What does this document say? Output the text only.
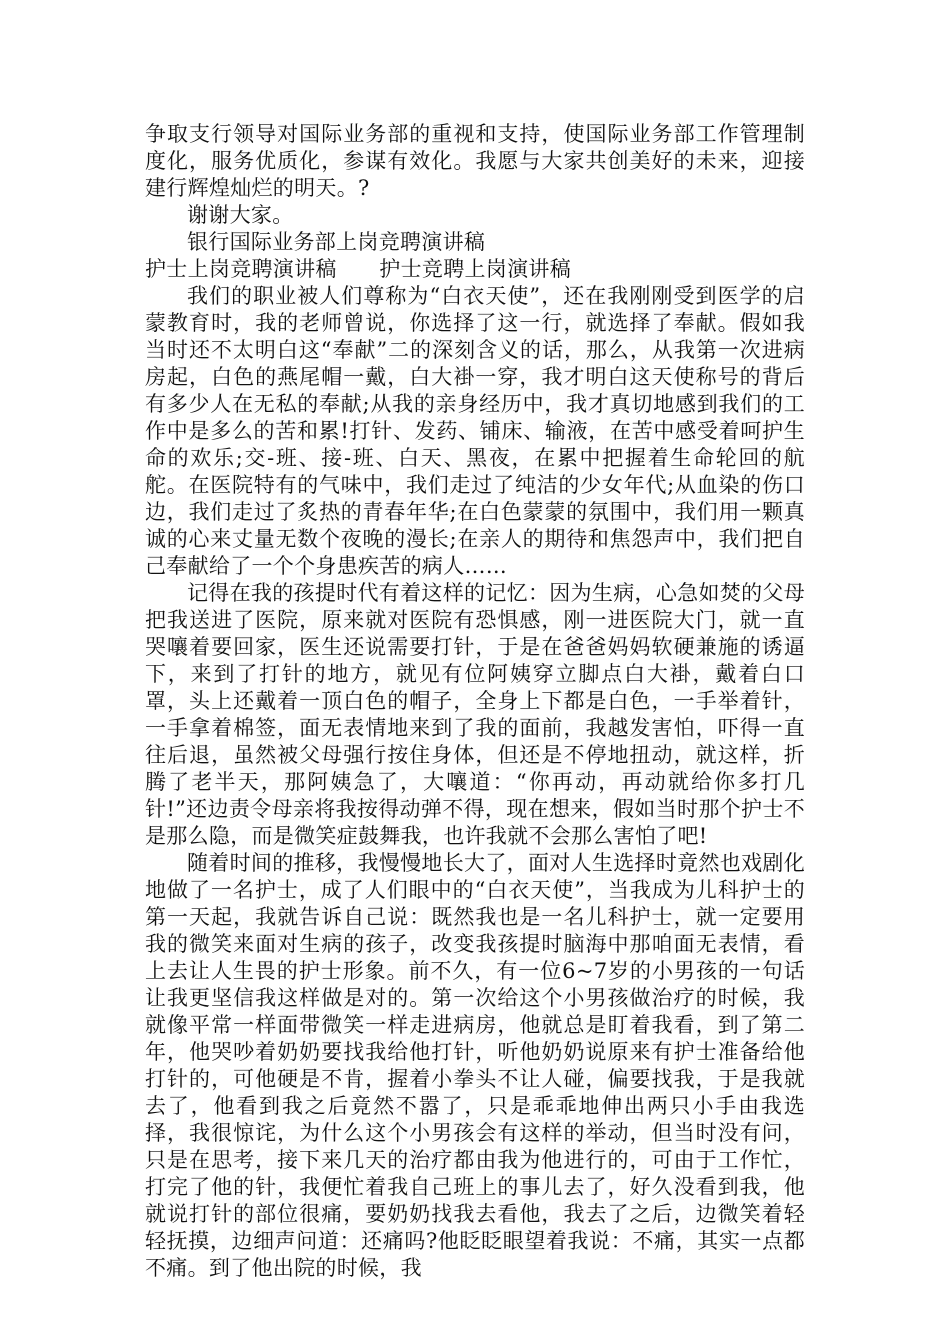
争取支行领导对国际业务部的重视和支持，使国际业务部工作管理制度化，服务优质化，参谋有效化。我愿与大家共创美好的未来，迎接建行辉煌灿烂的明天。?

谢谢大家。

银行国际业务部上岗竞聘演讲稿

护士上岗竞聘演讲稿　　护士竞聘上岗演讲稿

我们的职业被人们尊称为“白衣天使”，还在我刚刚受到医学的启蒙教育时，我的老师曾说，你选择了这一行，就选择了奉献。假如我当时还不太明白这“奉献”二的深刻含义的话，那么，从我第一次进病房起，白色的燕尾帽一戴，白大褂一穿，我才明白这天使称号的背后有多少人在无私的奉献;从我的亲身经历中，我才真切地感到我们的工作中是多么的苦和累!打针、发药、铺床、输液，在苦中感受着呵护生命的欢乐;交-班、接-班、白天、黑夜，在累中把握着生命轮回的航舵。在医院特有的气味中，我们走过了纯洁的少女年代;从血染的伤口边，我们走过了炙热的青春年华;在白色蒙蒙的氛围中，我们用一颗真诚的心来丈量无数个夜晚的漫长;在亲人的期待和焦怨声中，我们把自己奉献给了一个个身患疾苦的病人……

记得在我的孩提时代有着这样的记忆：因为生病，心急如焚的父母把我送进了医院，原来就对医院有恐惧感，刚一进医院大门，就一直哭嚷着要回家，医生还说需要打针，于是在爸爸妈妈软硬兼施的诱逼下，来到了打针的地方，就见有位阿姨穿立脚点白大褂，戴着白口罩，头上还戴着一顶白色的帽子，全身上下都是白色，一手举着针，一手拿着棉签，面无表情地来到了我的面前，我越发害怕，吓得一直往后退，虽然被父母强行按住身体，但还是不停地扭动，就这样，折腾了老半天，那阿姨急了，大嚷道：“你再动，再动就给你多打几针!”还边责令母亲将我按得动弹不得，现在想来，假如当时那个护士不是那么隐，而是微笑症鼓舞我，也许我就不会那么害怕了吧!

随着时间的推移，我慢慢地长大了，面对人生选择时竟然也戏剧化地做了一名护士，成了人们眼中的“白衣天使”，当我成为儿科护士的第一天起，我就告诉自己说：既然我也是一名儿科护士，就一定要用我的微笑来面对生病的孩子，改变我孩提时脑海中那咱面无表情，看上去让人生畏的护士形象。前不久，有一位6~7岁的小男孩的一句话让我更坚信我这样做是对的。第一次给这个小男孩做治疗的时候，我就像平常一样面带微笑一样走进病房，他就总是盯着我看，到了第二年，他哭吵着奶奶要找我给他打针，听他奶奶说原来有护士准备给他打针的，可他硬是不肯，握着小拳头不让人碰，偏要找我，于是我就去了，他看到我之后竟然不嚣了，只是乖乖地伸出两只小手由我选择，我很惊诧，为什么这个小男孩会有这样的举动，但当时没有问，只是在思考，接下来几天的治疗都由我为他进行的，可由于工作忙，打完了他的针，我便忙着我自己班上的事儿去了，好久没看到我，他就说打针的部位很痛，要奶奶找我去看他，我去了之后，边微笑着轻轻抚摸，边细声问道：还痛吗?他眨眨眼望着我说：不痛，其实一点都不痛。到了他出院的时候，我
